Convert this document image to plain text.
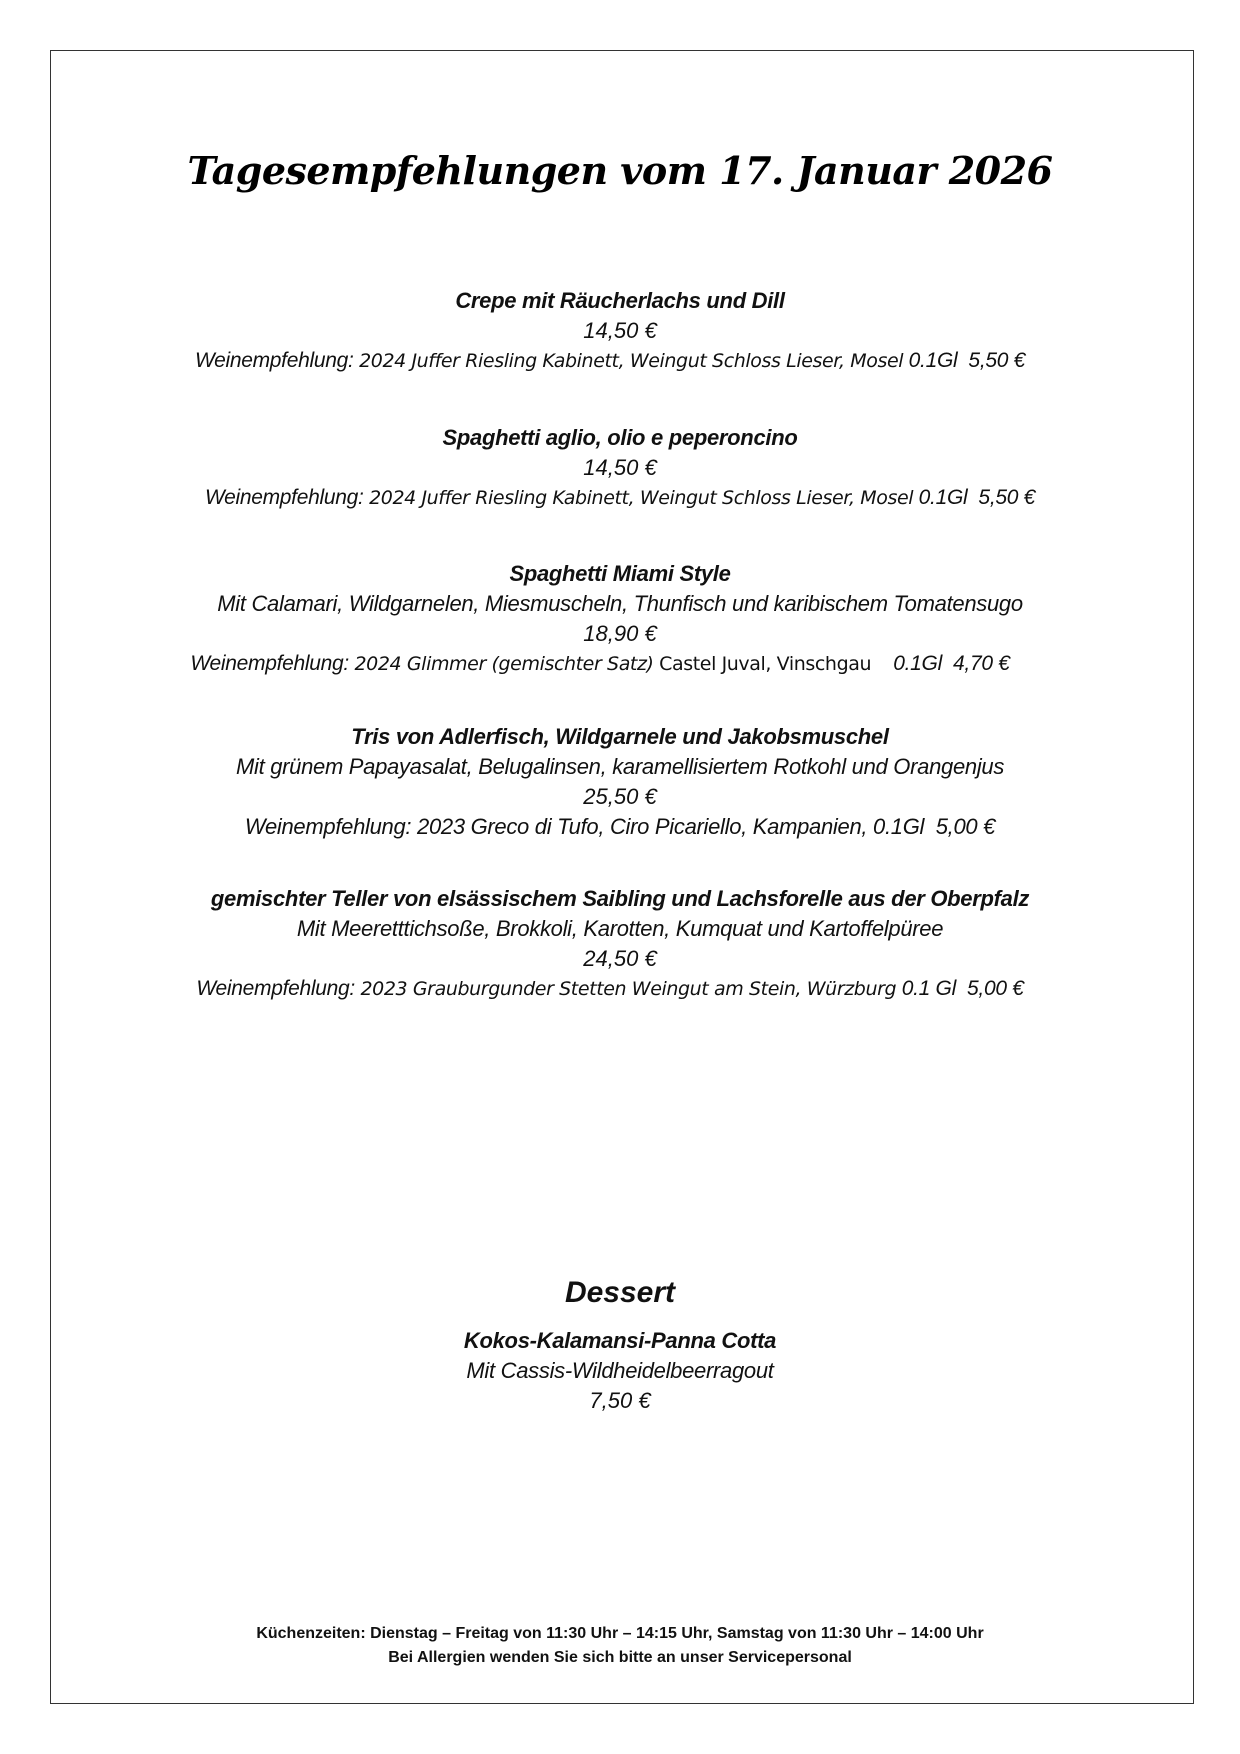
Tagesempfehlungen vom 17. Januar 2026
Crepe mit Räucherlachs und Dill
14,50 €
Weinempfehlung: 2024 Juffer Riesling Kabinett, Weingut Schloss Lieser, Mosel 0.1Gl  5,50 €
Spaghetti aglio, olio e peperoncino
14,50 €
Weinempfehlung: 2024 Juffer Riesling Kabinett, Weingut Schloss Lieser, Mosel 0.1Gl  5,50 €
Spaghetti Miami Style
Mit Calamari, Wildgarnelen, Miesmuscheln, Thunfisch und karibischem Tomatensugo
18,90 €
Weinempfehlung: 2024 Glimmer (gemischter Satz) Castel Juval, Vinschgau 0.1Gl  4,70 €
Tris von Adlerfisch, Wildgarnele und Jakobsmuschel
Mit grünem Papayasalat, Belugalinsen, karamellisiertem Rotkohl und Orangenjus
25,50 €
Weinempfehlung: 2023 Greco di Tufo, Ciro Picariello, Kampanien, 0.1Gl  5,00 €
gemischter Teller von elsässischem Saibling und Lachsforelle aus der Oberpfalz
Mit Meeretttichsoße, Brokkoli, Karotten, Kumquat und Kartoffelpüree
24,50 €
Weinempfehlung: 2023 Grauburgunder Stetten Weingut am Stein, Würzburg 0.1 Gl  5,00 €
Dessert
Kokos-Kalamansi-Panna Cotta
Mit Cassis-Wildheidelbeerragout
7,50 €
Küchenzeiten: Dienstag – Freitag von 11:30 Uhr – 14:15 Uhr, Samstag von 11:30 Uhr – 14:00 Uhr
Bei Allergien wenden Sie sich bitte an unser Servicepersonal
